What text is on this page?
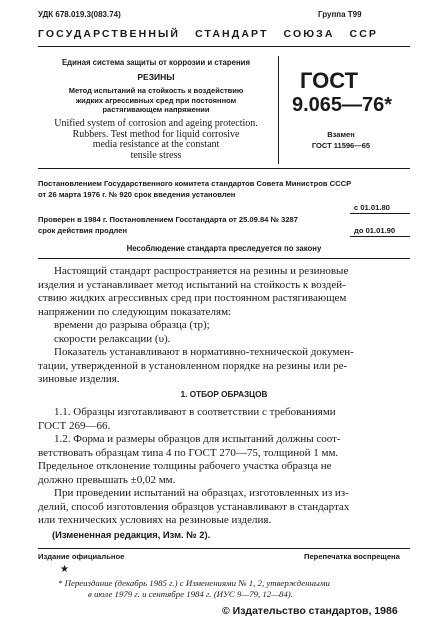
УДК 678.019.3(083.74)	Группа Т99
ГОСУДАРСТВЕННЫЙ   СТАНДАРТ   СОЮЗА   ССР
Единая система защиты от коррозии и старения
РЕЗИНЫ
Метод испытаний на стойкость к воздействию
жидких агрессивных сред при постоянном
растягивающем напряжении
Unified system of corrosion and ageing protection.
Rubbers. Test method for liquid corrosive
media resistance at the constant
tensile stress
ГОСТ
9.065—76*
Взамен
ГОСТ 11596—65
Постановлением Государственного комитета стандартов Совета Министров СССР
от 26 марта 1976 г. № 920 срок введения установлен
с 01.01.80
Проверен в 1984 г. Постановлением Госстандарта от 25.09.84 № 3287
срок действия продлен	до 01.01.90
Несоблюдение стандарта преследуется по закону
Настоящий стандарт распространяется на резины и резиновые
изделия и устанавливает метод испытаний на стойкость к воздей-
ствию жидких агрессивных сред при постоянном растягивающем
напряжении по следующим показателям:
времени до разрыва образца (τр);
скорости релаксации (υ).
Показатель устанавливают в нормативно-технической докумен-
тации, утвержденной в установленном порядке на резины или ре-
зиновые изделия.
1. ОТБОР ОБРАЗЦОВ
1.1. Образцы изготавливают в соответствии с требованиями
ГОСТ 269—66.
1.2. Форма и размеры образцов для испытаний должны соот-
ветствовать образцам типа 4 по ГОСТ 270—75, толщиной 1 мм.
Предельное отклонение толщины рабочего участка образца не
должно превышать ±0,02 мм.
При проведении испытаний на образцах, изготовленных из из-
делий, способ изготовления образцов устанавливают в стандартах
или технических условиях на резиновые изделия.
(Измененная редакция, Изм. № 2).
Издание официальное	Перепечатка воспрещена
★
* Переиздание (декабрь 1985 г.) с Изменениями № 1, 2, утвержденными
в июле 1979 г. и сентябре 1984 г. (ИУС 9—79, 12—84).
© Издательство стандартов, 1986
